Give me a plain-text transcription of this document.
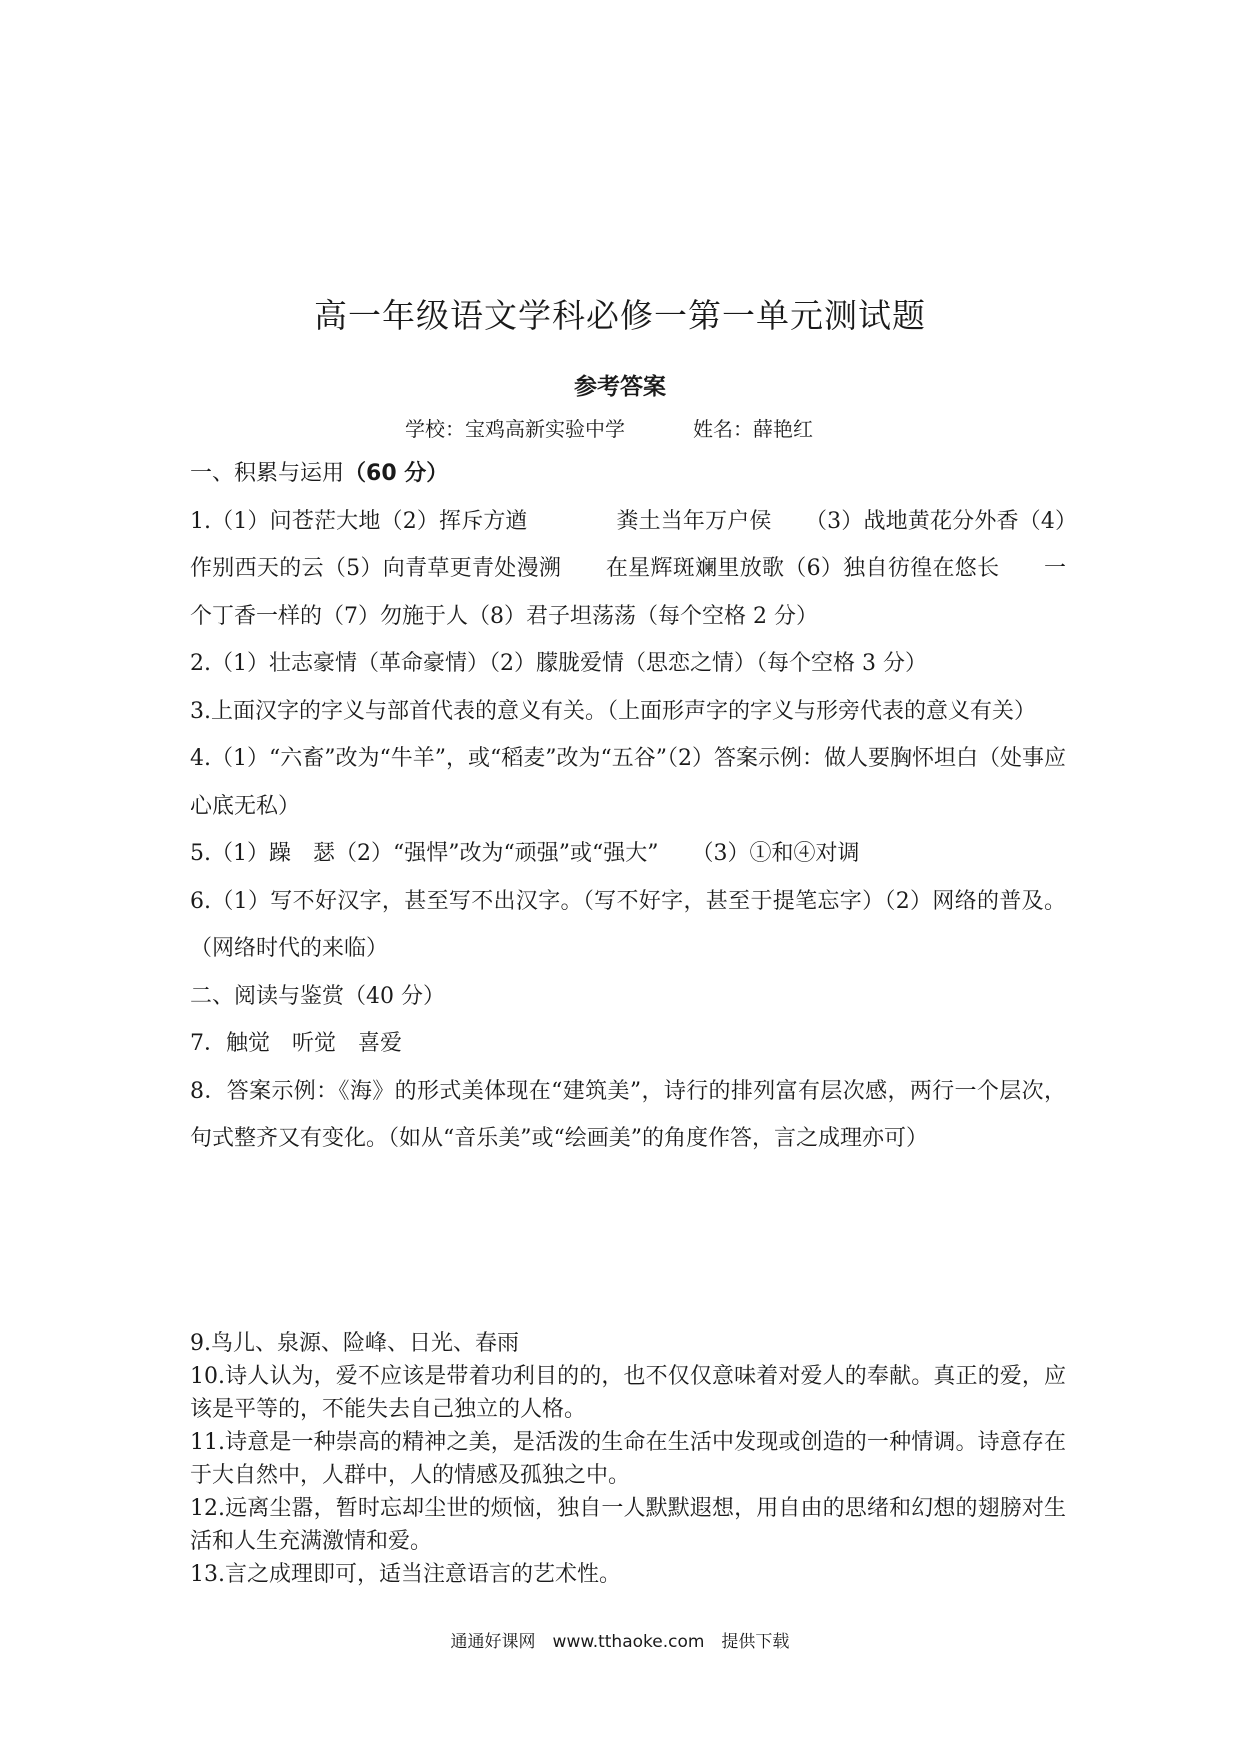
高一年级语文学科必修一第一单元测试题
参考答案
学校：宝鸡高新实验中学	姓名：薛艳红

一、积累与运用（60 分）

1.（1）问苍茫大地（2）挥斥方遒　　　　粪土当年万户侯　　（3）战地黄花分外香（4）作别西天的云（5）向青草更青处漫溯　　在星辉斑斓里放歌（6）独自彷徨在悠长　　一个丁香一样的（7）勿施于人（8）君子坦荡荡（每个空格 2 分）

2.（1）壮志豪情（革命豪情）（2）朦胧爱情（思恋之情）（每个空格 3 分）

3.上面汉字的字义与部首代表的意义有关。（上面形声字的字义与形旁代表的意义有关）

4.（1）“六畜”改为“牛羊”，或“稻麦”改为“五谷”（2）答案示例：做人要胸怀坦白（处事应心底无私）

5.（1）躁　瑟（2）“强悍”改为“顽强”或“强大”　　（3）①和④对调

6.（1）写不好汉字，甚至写不出汉字。（写不好字，甚至于提笔忘字）（2）网络的普及。（网络时代的来临）

二、阅读与鉴赏（40 分）

7．触觉　听觉　喜爱

8．答案示例：《海》的形式美体现在“建筑美”，诗行的排列富有层次感，两行一个层次，句式整齐又有变化。（如从“音乐美”或“绘画美”的角度作答，言之成理亦可）

9.鸟儿、泉源、险峰、日光、春雨

10.诗人认为，爱不应该是带着功利目的的，也不仅仅意味着对爱人的奉献。真正的爱，应该是平等的，不能失去自己独立的人格。

11.诗意是一种崇高的精神之美，是活泼的生命在生活中发现或创造的一种情调。诗意存在于大自然中，人群中，人的情感及孤独之中。

12.远离尘嚣，暂时忘却尘世的烦恼，独自一人默默遐想，用自由的思绪和幻想的翅膀对生活和人生充满激情和爱。

13.言之成理即可，适当注意语言的艺术性。

通通好课网　www.tthaoke.com　提供下载
